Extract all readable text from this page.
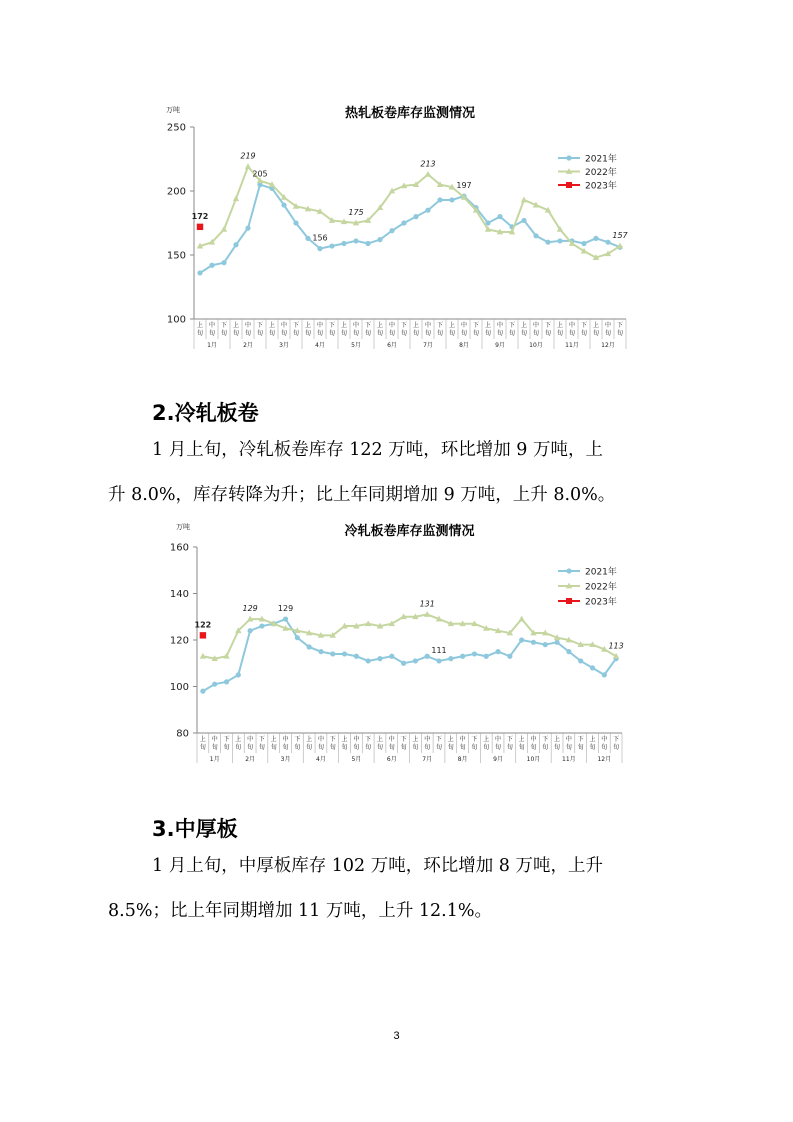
热轧板卷库存监测情况
万吨
100
150
200
250
上
旬
中
旬
下
旬
上
旬
中
旬
下
旬
上
旬
中
旬
下
旬
上
旬
中
旬
下
旬
上
旬
中
旬
下
旬
上
旬
中
旬
下
旬
上
旬
中
旬
下
旬
上
旬
中
旬
下
旬
上
旬
中
旬
下
旬
上
旬
中
旬
下
旬
上
旬
中
旬
下
旬
上
旬
中
旬
下
旬
1月	2月	3月	4月	5月	6月	7月	8月	9月	10月	11月	12月
172
219
205
156
175
213
197
157
2021年
2022年
2023年
2.冷轧板卷
1 月上旬，冷轧板卷库存 122 万吨，环比增加 9 万吨，上
升 8.0%，库存转降为升；比上年同期增加 9 万吨，上升 8.0%。
冷轧板卷库存监测情况
万吨
80
100
120
140
160
上
旬
中
旬
下
旬
上
旬
中
旬
下
旬
上
旬
中
旬
下
旬
上
旬
中
旬
下
旬
上
旬
中
旬
下
旬
上
旬
中
旬
下
旬
上
旬
中
旬
下
旬
上
旬
中
旬
下
旬
上
旬
中
旬
下
旬
上
旬
中
旬
下
旬
上
旬
中
旬
下
旬
上
旬
中
旬
下
旬
1月	2月	3月	4月	5月	6月	7月	8月	9月	10月	11月	12月
122
129	129
131
111
113
2021年
2022年
2023年
3.中厚板
1 月上旬，中厚板库存 102 万吨，环比增加 8 万吨，上升
8.5%；比上年同期增加 11 万吨，上升 12.1%。
3
